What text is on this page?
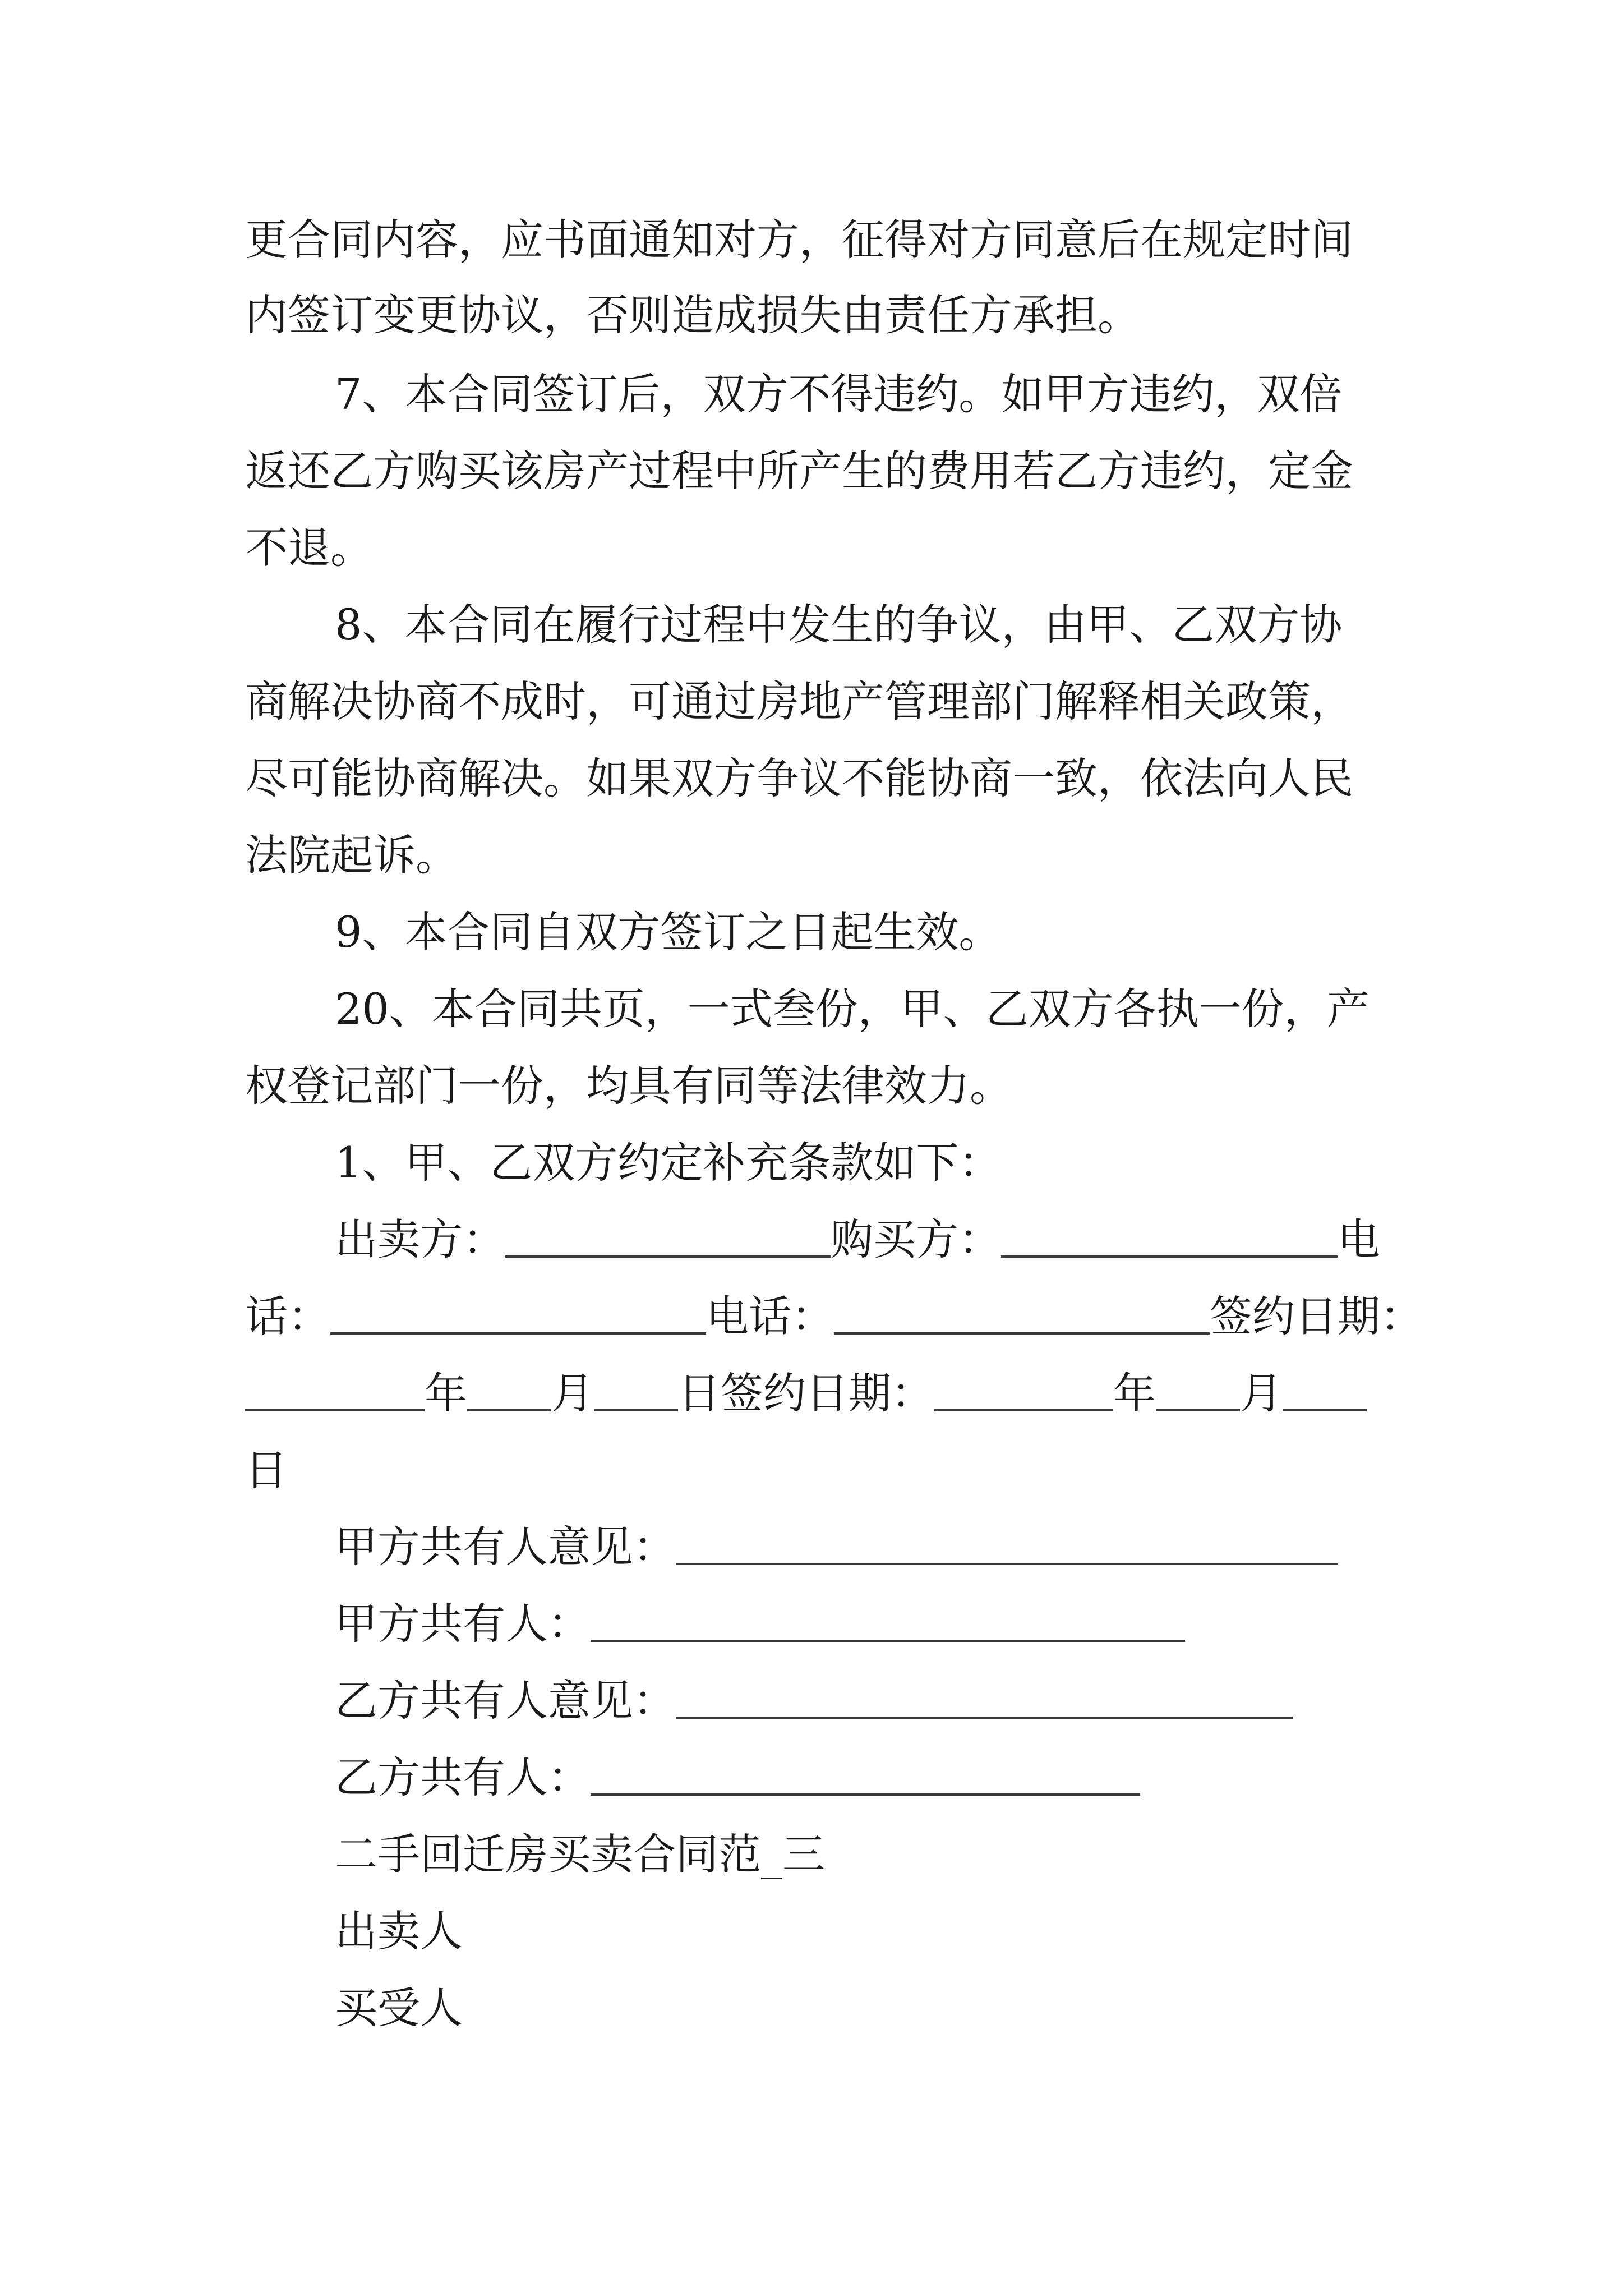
更合同内容，应书面通知对方，征得对方同意后在规定时间
内签订变更协议，否则造成损失由责任方承担。
7、本合同签订后，双方不得违约。如甲方违约，双倍
返还乙方购买该房产过程中所产生的费用若乙方违约，定金
不退。
8、本合同在履行过程中发生的争议，由甲、乙双方协
商解决协商不成时，可通过房地产管理部门解释相关政策，
尽可能协商解决。如果双方争议不能协商一致，依法向人民
法院起诉。
9、本合同自双方签订之日起生效。
20、本合同共页，一式叁份，甲、乙双方各执一份，产
权登记部门一份，均具有同等法律效力。
1、甲、乙双方约定补充条款如下：
出卖方：	购买方：	电
话：	电话：	签约日期：
年 月 日签约日期：	年 月
日
甲方共有人意见：
甲方共有人：
乙方共有人意见：
乙方共有人：
二手回迁房买卖合同范_三
出卖人
买受人
